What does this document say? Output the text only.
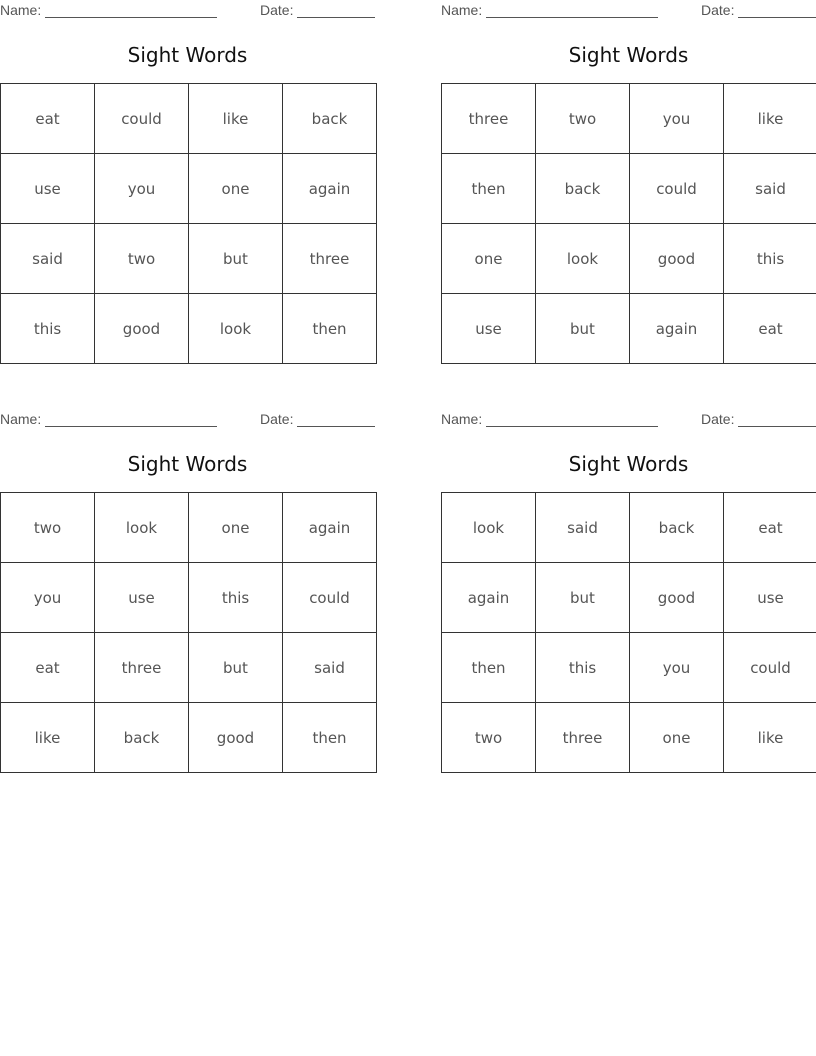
Name:	Date:
Sight Words
eat	could	like	back
use	you	one	again
said	two	but	three
this	good	look	then
Name:	Date:
Sight Words
three	two	you	like
then	back	could	said
one	look	good	this
use	but	again	eat
Name:	Date:
Sight Words
two	look	one	again
you	use	this	could
eat	three	but	said
like	back	good	then
Name:	Date:
Sight Words
look	said	back	eat
again	but	good	use
then	this	you	could
two	three	one	like
